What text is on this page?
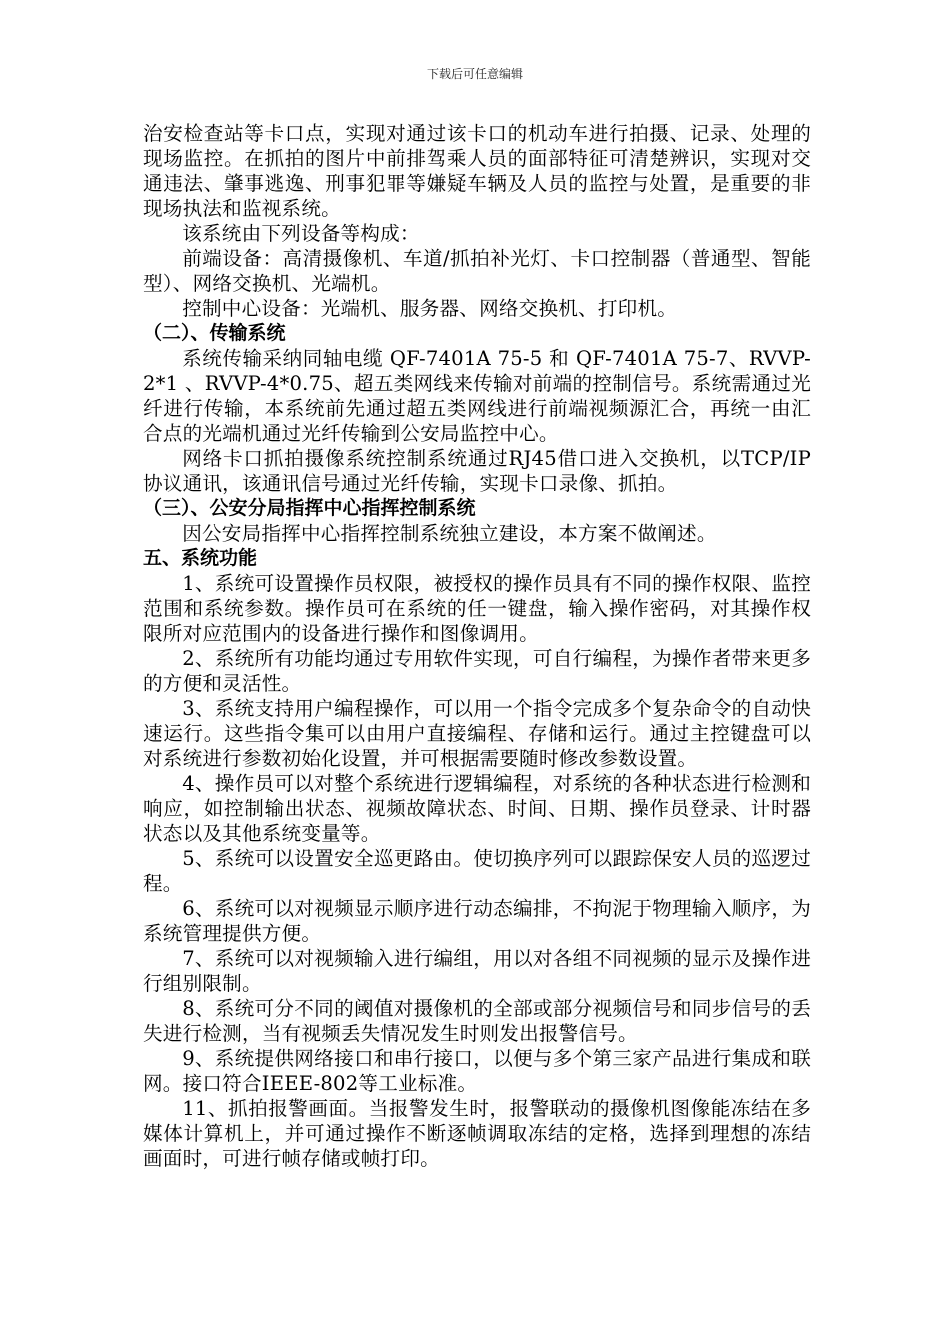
下载后可任意编辑

治安检查站等卡口点，实现对通过该卡口的机动车进行拍摄、记录、处理的现场监控。在抓拍的图片中前排驾乘人员的面部特征可清楚辨识，实现对交通违法、肇事逃逸、刑事犯罪等嫌疑车辆及人员的监控与处置，是重要的非现场执法和监视系统。

该系统由下列设备等构成：

前端设备：高清摄像机、车道/抓拍补光灯、卡口控制器（普通型、智能型）、网络交换机、光端机。

控制中心设备：光端机、服务器、网络交换机、打印机。

（二）、传输系统

系统传输采纳同轴电缆 QF-7401A 75-5 和 QF-7401A 75-7、RVVP-2*1 、RVVP-4*0.75、超五类网线来传输对前端的控制信号。系统需通过光纤进行传输，本系统前先通过超五类网线进行前端视频源汇合，再统一由汇合点的光端机通过光纤传输到公安局监控中心。

网络卡口抓拍摄像系统控制系统通过RJ45借口进入交换机，以TCP/IP协议通讯，该通讯信号通过光纤传输，实现卡口录像、抓拍。

（三）、公安分局指挥中心指挥控制系统

因公安局指挥中心指挥控制系统独立建设，本方案不做阐述。

五、系统功能

1、系统可设置操作员权限，被授权的操作员具有不同的操作权限、监控范围和系统参数。操作员可在系统的任一键盘，输入操作密码，对其操作权限所对应范围内的设备进行操作和图像调用。

2、系统所有功能均通过专用软件实现，可自行编程，为操作者带来更多的方便和灵活性。

3、系统支持用户编程操作，可以用一个指令完成多个复杂命令的自动快速运行。这些指令集可以由用户直接编程、存储和运行。通过主控键盘可以对系统进行参数初始化设置，并可根据需要随时修改参数设置。

4、操作员可以对整个系统进行逻辑编程，对系统的各种状态进行检测和响应，如控制输出状态、视频故障状态、时间、日期、操作员登录、计时器状态以及其他系统变量等。

5、系统可以设置安全巡更路由。使切换序列可以跟踪保安人员的巡逻过程。

6、系统可以对视频显示顺序进行动态编排，不拘泥于物理输入顺序，为系统管理提供方便。

7、系统可以对视频输入进行编组，用以对各组不同视频的显示及操作进行组别限制。

8、系统可分不同的阈值对摄像机的全部或部分视频信号和同步信号的丢失进行检测，当有视频丢失情况发生时则发出报警信号。

9、系统提供网络接口和串行接口，以便与多个第三家产品进行集成和联网。接口符合IEEE-802等工业标准。

11、抓拍报警画面。当报警发生时，报警联动的摄像机图像能冻结在多媒体计算机上，并可通过操作不断逐帧调取冻结的定格，选择到理想的冻结画面时，可进行帧存储或帧打印。
